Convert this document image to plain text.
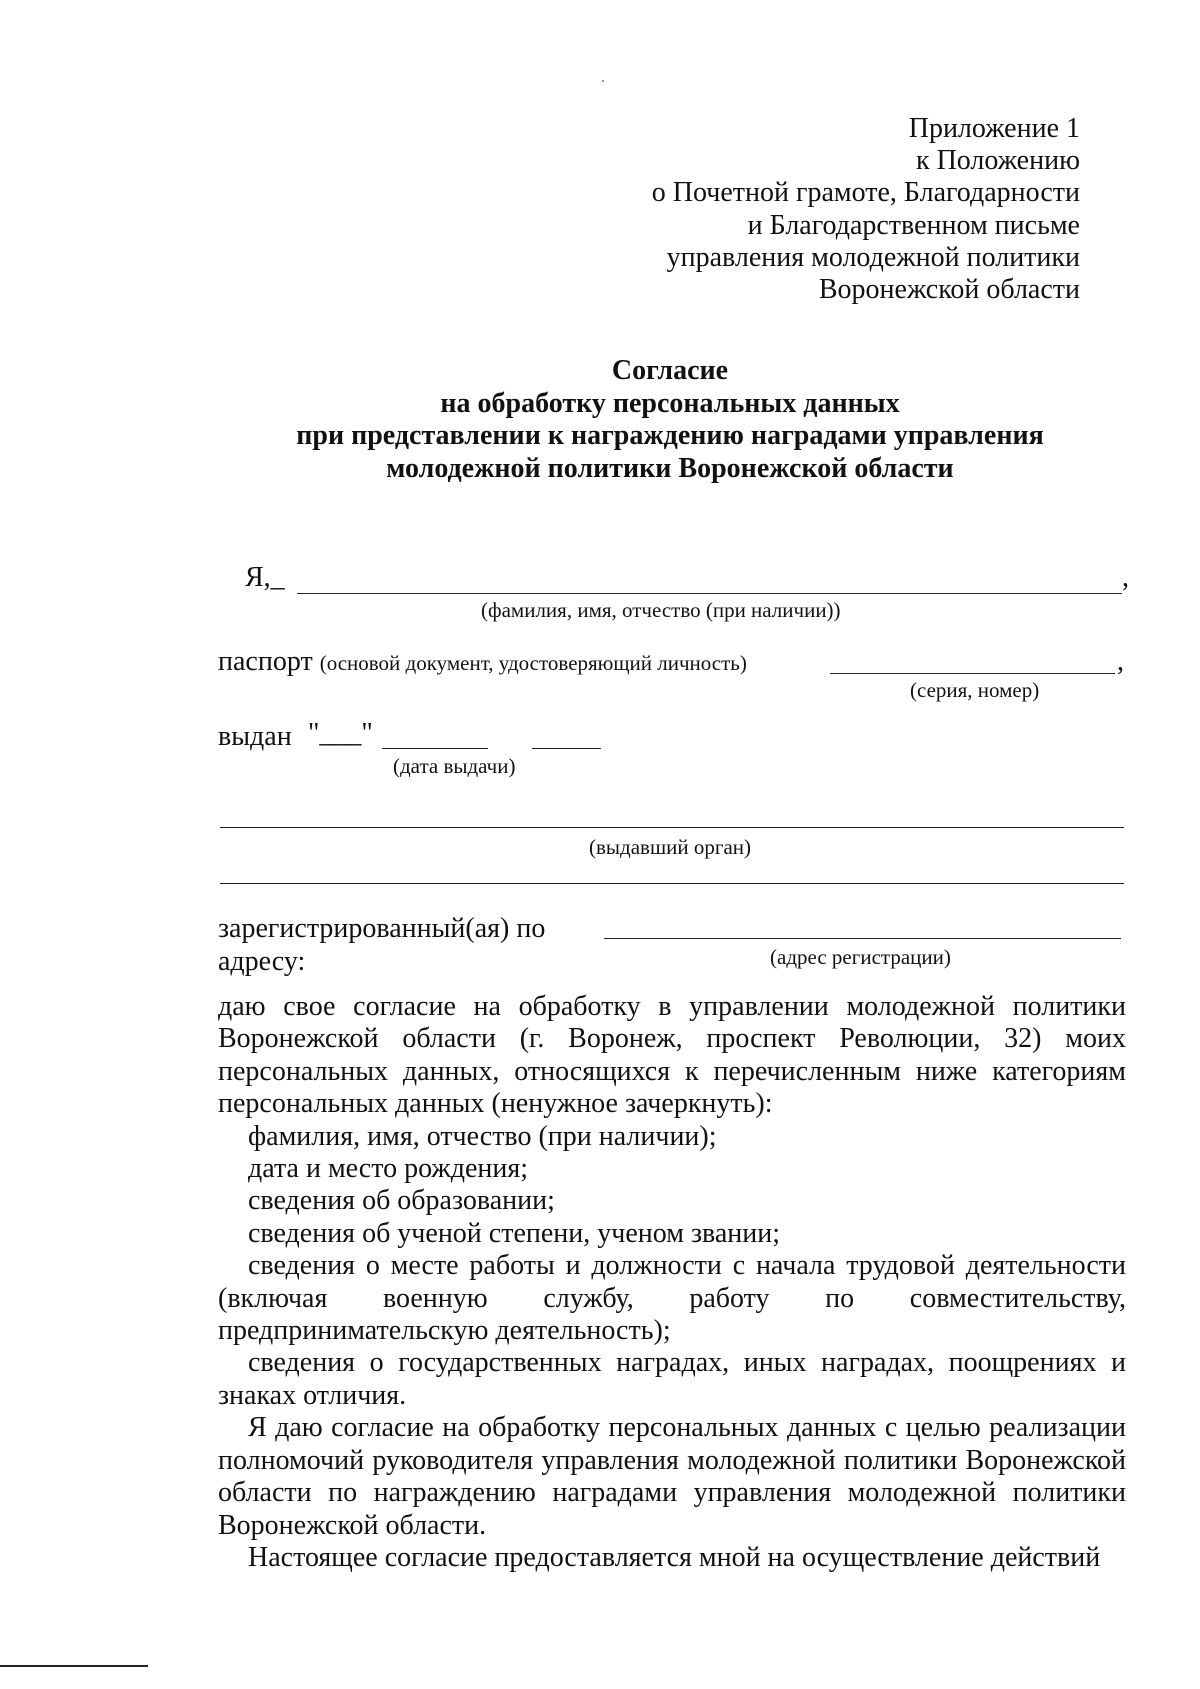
Приложение 1
к Положению
о Почетной грамоте, Благодарности
и Благодарственном письме
управления молодежной политики
Воронежской области
Согласие
на обработку персональных данных
при представлении к награждению наградами управления
молодежной политики Воронежской области
Я,_	,
(фамилия, имя, отчество (при наличии))
паспорт (основой документ, удостоверяющий личность)	,
(серия, номер)
выдан "___"
(дата выдачи)
(выдавший орган)
зарегистрированный(ая) по
адресу:	(адрес регистрации)

даю свое согласие на обработку в управлении молодежной политики Воронежской области (г. Воронеж, проспект Революции, 32) моих персональных данных, относящихся к перечисленным ниже категориям персональных данных (ненужное зачеркнуть):

фамилия, имя, отчество (при наличии);

дата и место рождения;

сведения об образовании;

сведения об ученой степени, ученом звании;

сведения о месте работы и должности с начала трудовой деятельности (включая военную службу, работу по совместительству, предпринимательскую деятельность);

сведения о государственных наградах, иных наградах, поощрениях и знаках отличия.

Я даю согласие на обработку персональных данных с целью реализации полномочий руководителя управления молодежной политики Воронежской области по награждению наградами управления молодежной политики Воронежской области.

Настоящее согласие предоставляется мной на осуществление действий
